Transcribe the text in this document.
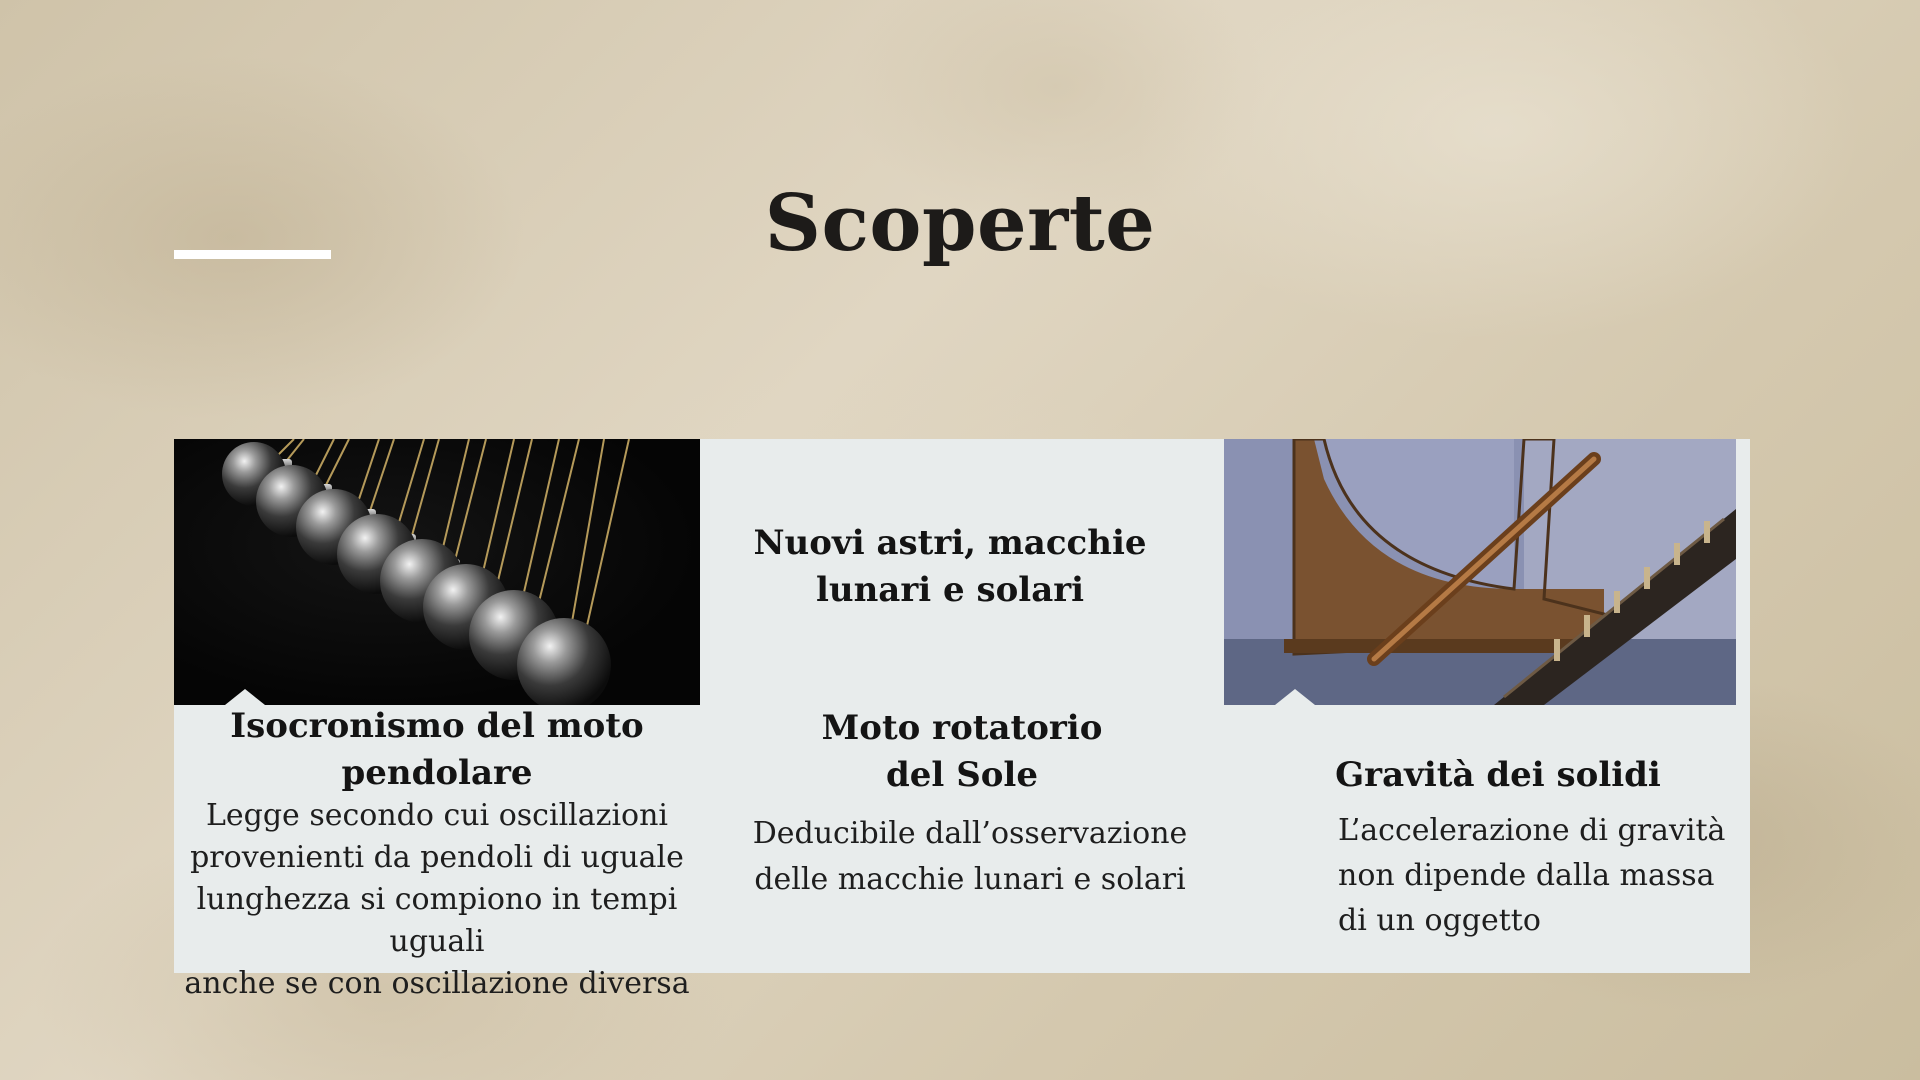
Scoperte
Isocronismo del moto
pendolare
Legge secondo cui oscillazioni
provenienti da pendoli di uguale
lunghezza si compiono in tempi uguali
anche se con oscillazione diversa
Nuovi astri, macchie
lunari e solari
Moto rotatorio
del Sole
Deducibile dall’osservazione
delle macchie lunari e solari
Gravità dei solidi
L’accelerazione di gravità
non dipende dalla massa
di un oggetto
